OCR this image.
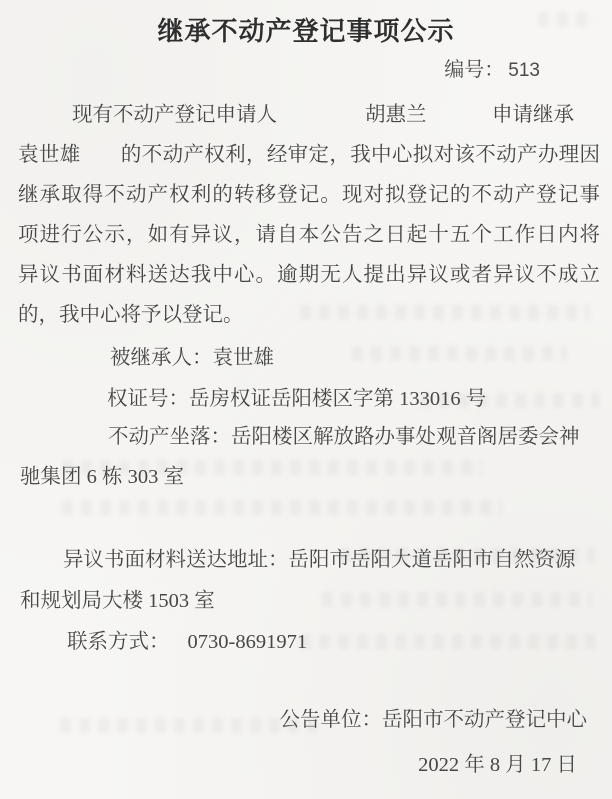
继承不动产登记事项公示
编号： 513
现有不动产登记申请人	胡惠兰	申请继承
袁世雄 的不动产权利，经审定，我中心拟对该不动产办理因
继承取得不动产权利的转移登记。现对拟登记的不动产登记事
项进行公示，如有异议，请自本公告之日起十五个工作日内将
异议书面材料送达我中心。逾期无人提出异议或者异议不成立
的，我中心将予以登记。
被继承人：袁世雄
权证号：岳房权证岳阳楼区字第 133016 号
不动产坐落：岳阳楼区解放路办事处观音阁居委会神
驰集团 6 栋 303 室
异议书面材料送达地址：岳阳市岳阳大道岳阳市自然资源
和规划局大楼 1503 室
联系方式： 0730-8691971
公告单位：岳阳市不动产登记中心
2022 年 8 月 17 日
